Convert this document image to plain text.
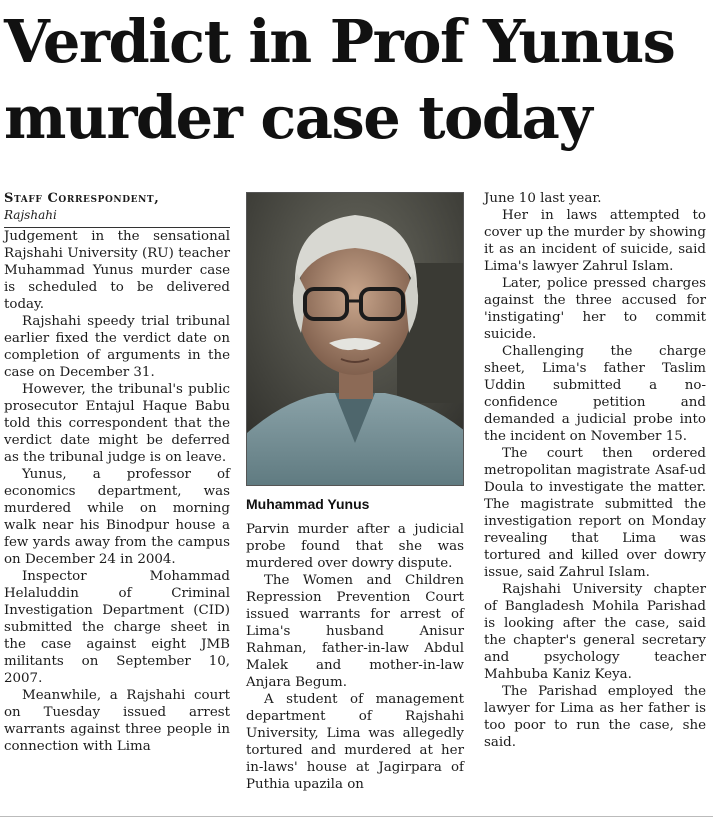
Verdict in Prof Yunus
murder case today

Staff Correspondent,

Rajshahi

Judgement in the sensational Rajshahi University (RU) teacher Muhammad Yunus murder case is scheduled to be delivered today.

Rajshahi speedy trial tribunal earlier fixed the verdict date on completion of arguments in the case on December 31.

However, the tribunal's public prosecutor Entajul Haque Babu told this correspondent that the verdict date might be deferred as the tribunal judge is on leave.

Yunus, a professor of economics department, was murdered while on morning walk near his Binodpur house a few yards away from the campus on December 24 in 2004.

Inspector Mohammad Helaluddin of Criminal Investigation Department (CID) submitted the charge sheet in the case against eight JMB militants on September 10, 2007.

Meanwhile, a Rajshahi court on Tuesday issued arrest warrants against three people in connection with Lima

Muhammad Yunus

Parvin murder after a judicial probe found that she was murdered over dowry dispute.

The Women and Children Repression Prevention Court issued warrants for arrest of Lima's husband Anisur Rahman, father-in-law Abdul Malek and mother-in-law Anjara Begum.

A student of management department of Rajshahi University, Lima was allegedly tortured and murdered at her in-laws' house at Jagirpara of Puthia upazila on

June 10 last year.

Her in laws attempted to cover up the murder by showing it as an incident of suicide, said Lima's lawyer Zahrul Islam.

Later, police pressed charges against the three accused for 'instigating' her to commit suicide.

Challenging the charge sheet, Lima's father Taslim Uddin submitted a no-confidence petition and demanded a judicial probe into the incident on November 15.

The court then ordered metropolitan magistrate Asaf-ud Doula to investigate the matter. The magistrate submitted the investigation report on Monday revealing that Lima was tortured and killed over dowry issue, said Zahrul Islam.

Rajshahi University chapter of Bangladesh Mohila Parishad is looking after the case, said the chapter's general secretary and psychology teacher Mahbuba Kaniz Keya.

The Parishad employed the lawyer for Lima as her father is too poor to run the case, she said.
